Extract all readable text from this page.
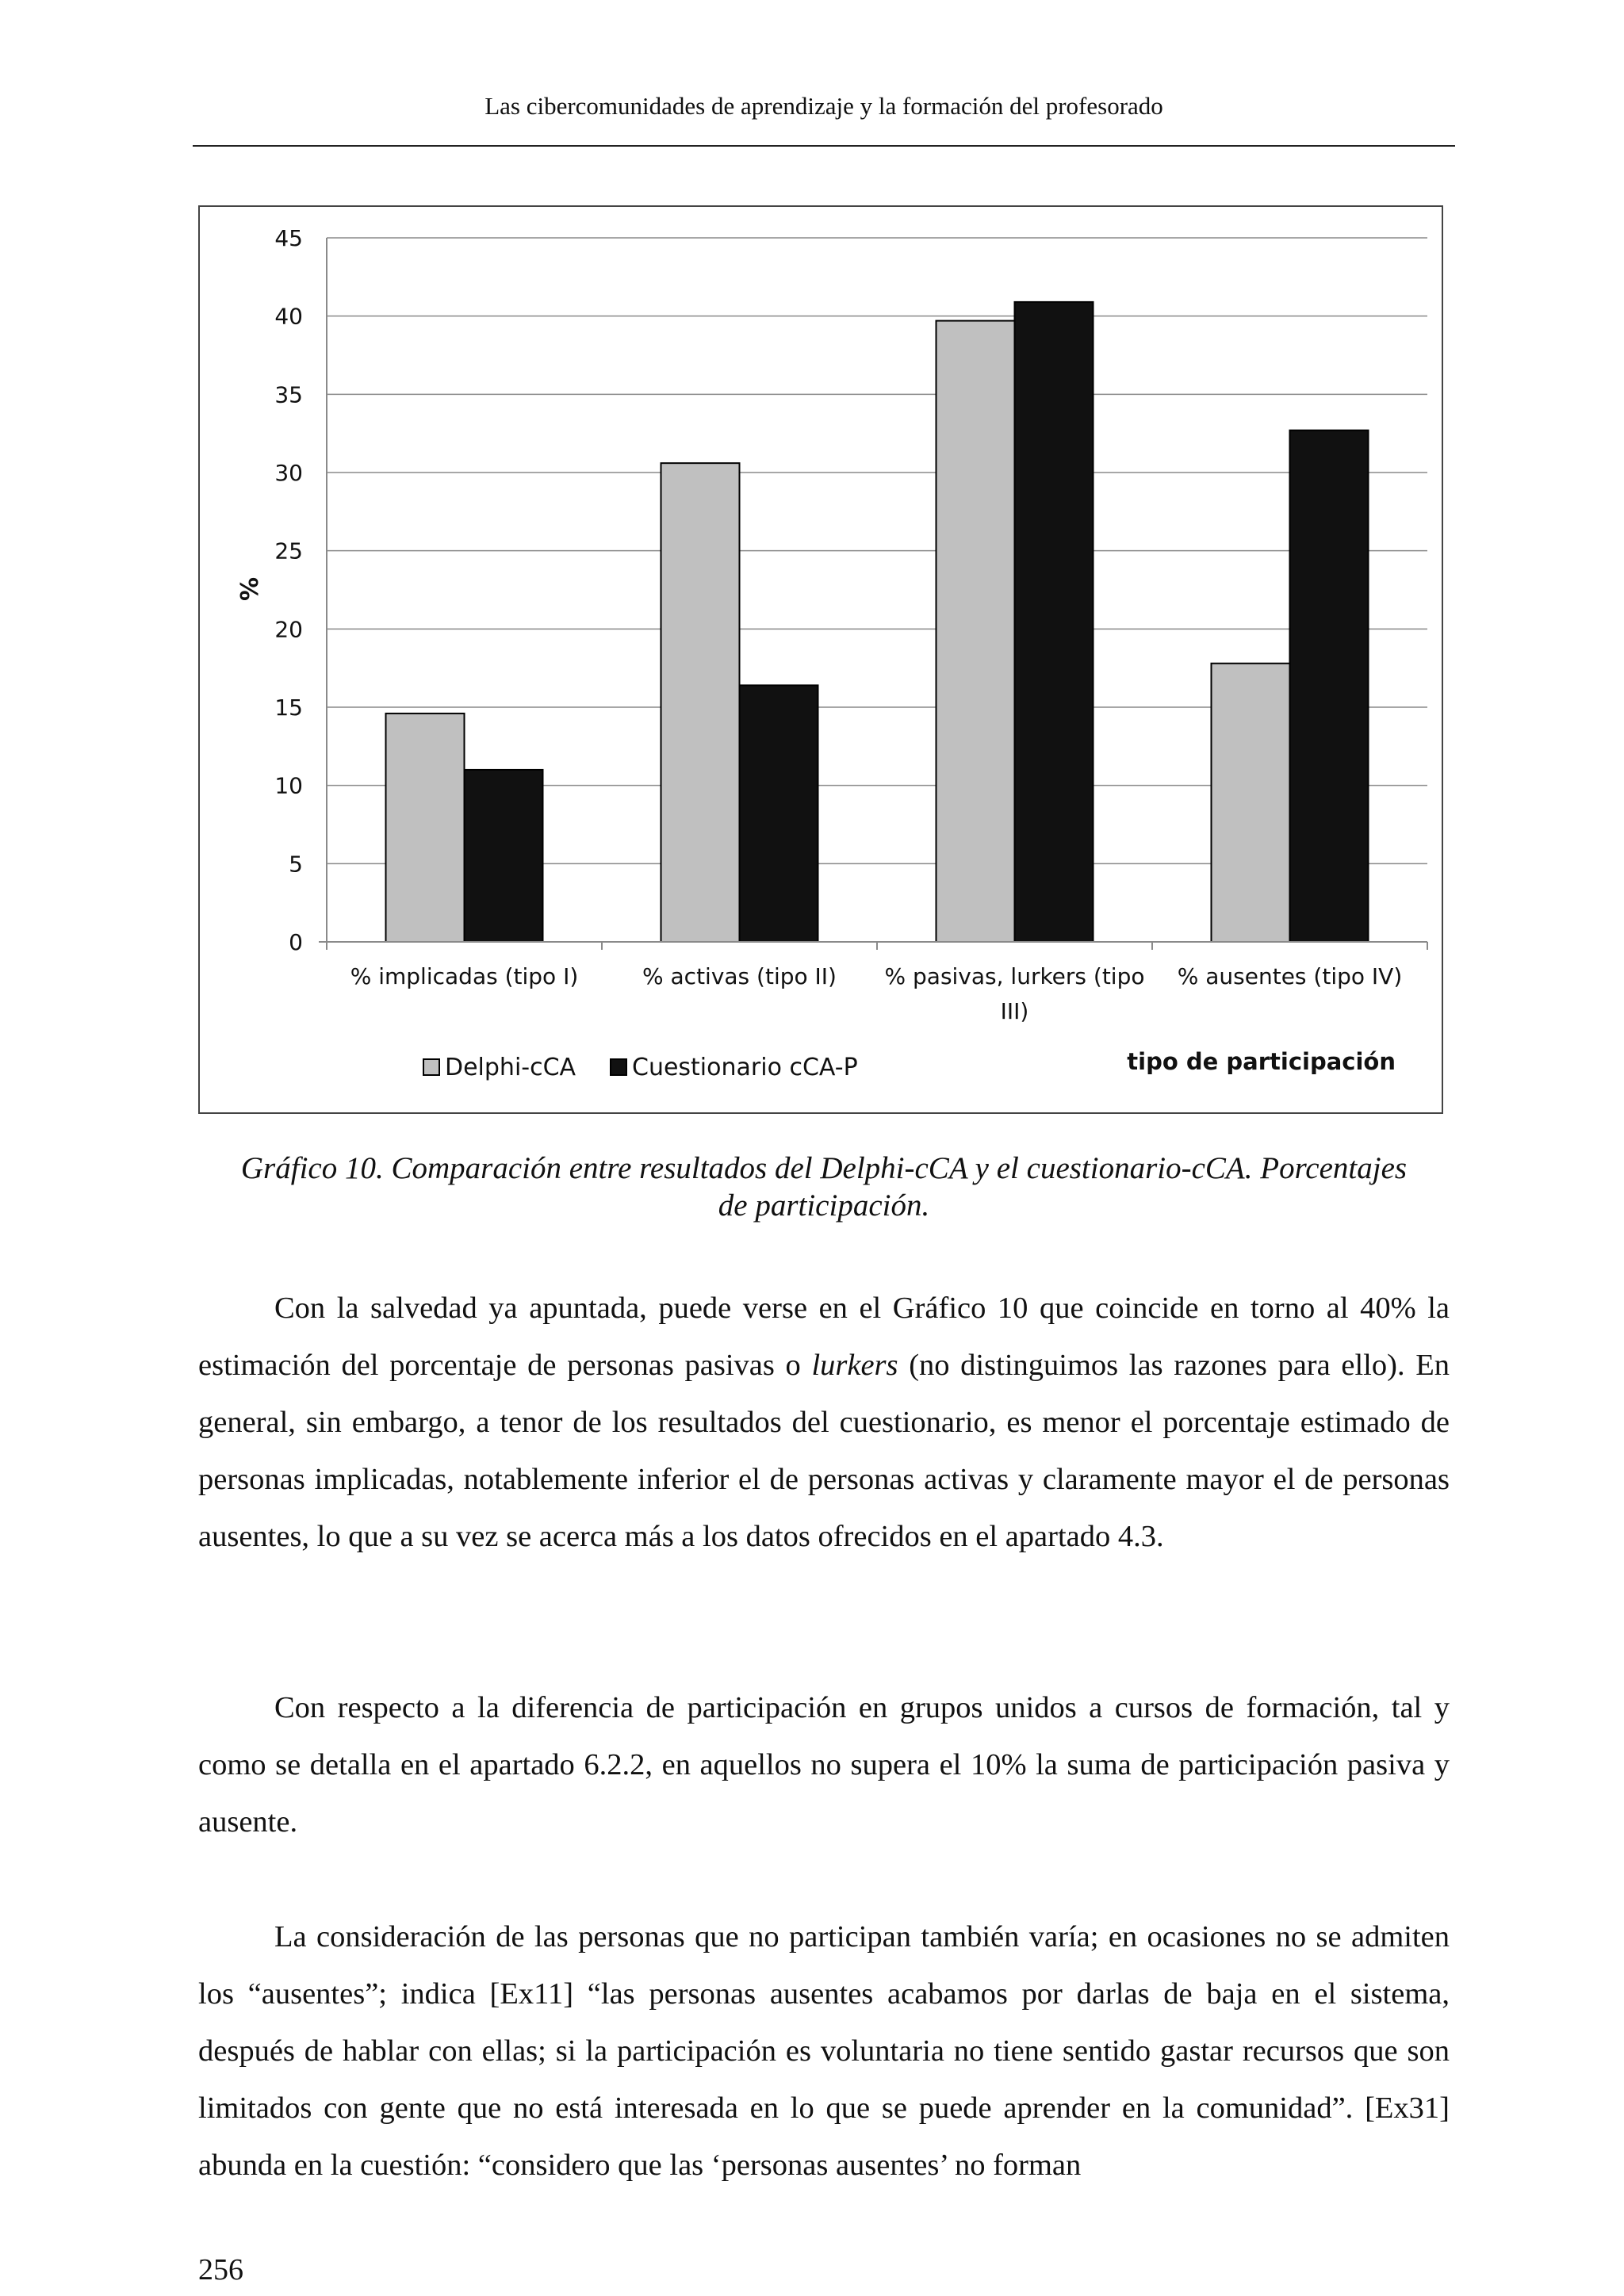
Las cibercomunidades de aprendizaje y la formación del profesorado
0
5
10
15
20
25
30
35
40
45
% implicadas (tipo I)	% activas (tipo II) % pasivas, lurkers (tipo
III)
% ausentes (tipo IV)
%
tipo de participación
Delphi-cCA Cuestionario cCA-P
Gráfico 10. Comparación entre resultados del Delphi-cCA y el cuestionario-cCA. Porcentajes
de participación.

Con la salvedad ya apuntada, puede verse en el Gráfico 10 que coincide en torno al 40% la estimación del porcentaje de personas pasivas o lurkers (no distinguimos las razones para ello). En general, sin embargo, a tenor de los resultados del cuestionario, es menor el porcentaje estimado de personas implicadas, notablemente inferior el de personas activas y claramente mayor el de personas ausentes, lo que a su vez se acerca más a los datos ofrecidos en el apartado 4.3.

Con respecto a la diferencia de participación en grupos unidos a cursos de formación, tal y como se detalla en el apartado 6.2.2, en aquellos no supera el 10% la suma de participación pasiva y ausente.

La consideración de las personas que no participan también varía; en ocasiones no se admiten los “ausentes”; indica [Ex11] “las personas ausentes acabamos por darlas de baja en el sistema, después de hablar con ellas; si la participación es voluntaria no tiene sentido gastar recursos que son limitados con gente que no está interesada en lo que se puede aprender en la comunidad”. [Ex31] abunda en la cuestión: “considero que las ‘personas ausentes’ no forman

256
